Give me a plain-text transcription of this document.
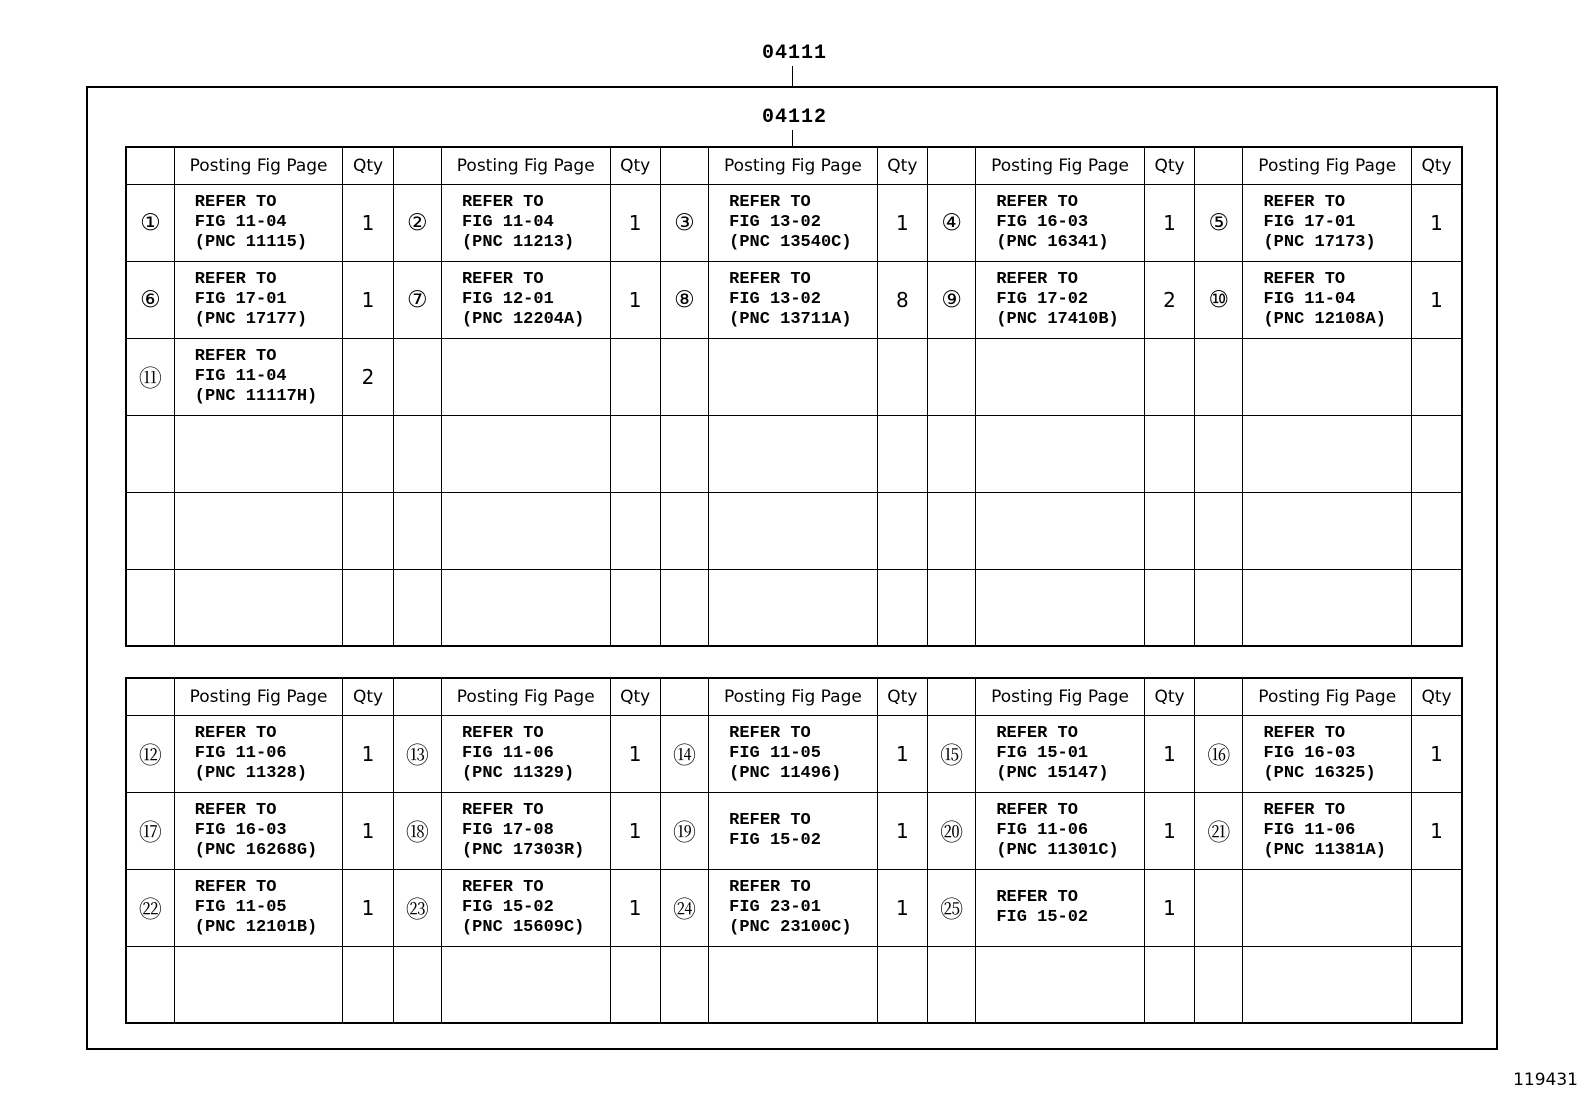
04111
04112
	Posting Fig Page	Qty		Posting Fig Page	Qty		Posting Fig Page	Qty		Posting Fig Page	Qty		Posting Fig Page	Qty
①	REFER TO
FIG 11-04
(PNC 11115)	1	②	REFER TO
FIG 11-04
(PNC 11213)	1	③	REFER TO
FIG 13-02
(PNC 13540C)	1	④	REFER TO
FIG 16-03
(PNC 16341)	1	⑤	REFER TO
FIG 17-01
(PNC 17173)	1
⑥	REFER TO
FIG 17-01
(PNC 17177)	1	⑦	REFER TO
FIG 12-01
(PNC 12204A)	1	⑧	REFER TO
FIG 13-02
(PNC 13711A)	8	⑨	REFER TO
FIG 17-02
(PNC 17410B)	2	⑩	REFER TO
FIG 11-04
(PNC 12108A)	1
⑪	REFER TO
FIG 11-04
(PNC 11117H)	2		

	Posting Fig Page	Qty		Posting Fig Page	Qty		Posting Fig Page	Qty		Posting Fig Page	Qty		Posting Fig Page	Qty
⑫	REFER TO
FIG 11-06
(PNC 11328)	1	⑬	REFER TO
FIG 11-06
(PNC 11329)	1	⑭	REFER TO
FIG 11-05
(PNC 11496)	1	⑮	REFER TO
FIG 15-01
(PNC 15147)	1	⑯	REFER TO
FIG 16-03
(PNC 16325)	1
⑰	REFER TO
FIG 16-03
(PNC 16268G)	1	⑱	REFER TO
FIG 17-08
(PNC 17303R)	1	⑲	REFER TO
FIG 15-02	1	⑳	REFER TO
FIG 11-06
(PNC 11301C)	1	㉑	REFER TO
FIG 11-06
(PNC 11381A)	1
㉒	REFER TO
FIG 11-05
(PNC 12101B)	1	㉓	REFER TO
FIG 15-02
(PNC 15609C)	1	㉔	REFER TO
FIG 23-01
(PNC 23100C)	1	㉕	REFER TO
FIG 15-02	1		

119431
